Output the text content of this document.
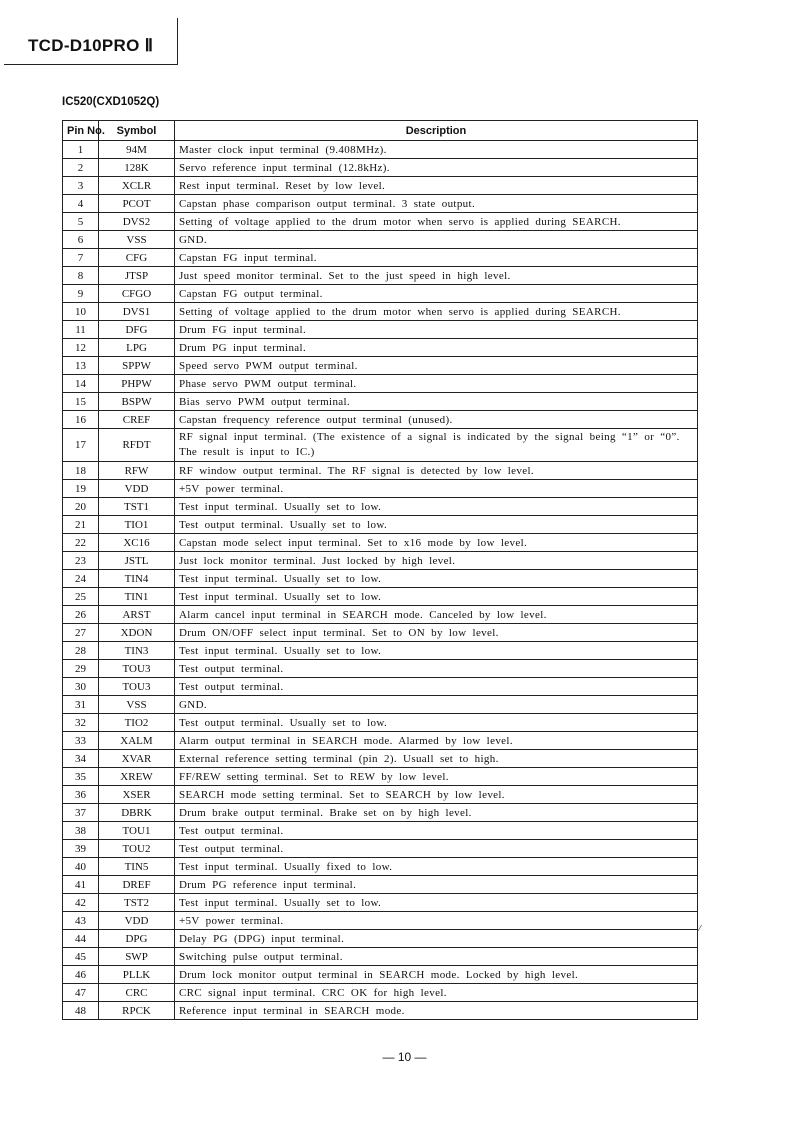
TCD-D10PRO Ⅱ
IC520(CXD1052Q)
Pin No.	Symbol	Description
1	94M	Master clock input terminal (9.408MHz).
2	128K	Servo reference input terminal (12.8kHz).
3	XCLR	Rest input terminal. Reset by low level.
4	PCOT	Capstan phase comparison output terminal. 3 state output.
5	DVS2	Setting of voltage applied to the drum motor when servo is applied during SEARCH.
6	VSS	GND.
7	CFG	Capstan FG input terminal.
8	JTSP	Just speed monitor terminal. Set to the just speed in high level.
9	CFGO	Capstan FG output terminal.
10	DVS1	Setting of voltage applied to the drum motor when servo is applied during SEARCH.
11	DFG	Drum FG input terminal.
12	LPG	Drum PG input terminal.
13	SPPW	Speed servo PWM output terminal.
14	PHPW	Phase servo PWM output terminal.
15	BSPW	Bias servo PWM output terminal.
16	CREF	Capstan frequency reference output terminal (unused).
17	RFDT	RF signal input terminal. (The existence of a signal is indicated by the signal being “1” or “0”. The result is input to IC.)
18	RFW	RF window output terminal. The RF signal is detected by low level.
19	VDD	+5V power terminal.
20	TST1	Test input terminal. Usually set to low.
21	TIO1	Test output terminal. Usually set to low.
22	XC16	Capstan mode select input terminal. Set to x16 mode by low level.
23	JSTL	Just lock monitor terminal. Just locked by high level.
24	TIN4	Test input terminal. Usually set to low.
25	TIN1	Test input terminal. Usually set to low.
26	ARST	Alarm cancel input terminal in SEARCH mode. Canceled by low level.
27	XDON	Drum ON/OFF select input terminal. Set to ON by low level.
28	TIN3	Test input terminal. Usually set to low.
29	TOU3	Test output terminal.
30	TOU3	Test output terminal.
31	VSS	GND.
32	TIO2	Test output terminal. Usually set to low.
33	XALM	Alarm output terminal in SEARCH mode. Alarmed by low level.
34	XVAR	External reference setting terminal (pin 2). Usuall set to high.
35	XREW	FF/REW setting terminal. Set to REW by low level.
36	XSER	SEARCH mode setting terminal. Set to SEARCH by low level.
37	DBRK	Drum brake output terminal. Brake set on by high level.
38	TOU1	Test output terminal.
39	TOU2	Test output terminal.
40	TIN5	Test input terminal. Usually fixed to low.
41	DREF	Drum PG reference input terminal.
42	TST2	Test input terminal. Usually set to low.
43	VDD	+5V power terminal.
44	DPG	Delay PG (DPG) input terminal.
45	SWP	Switching pulse output terminal.
46	PLLK	Drum lock monitor output terminal in SEARCH mode. Locked by high level.
47	CRC	CRC signal input terminal. CRC OK for high level.
48	RPCK	Reference input terminal in SEARCH mode.
⁄
— 10 —
